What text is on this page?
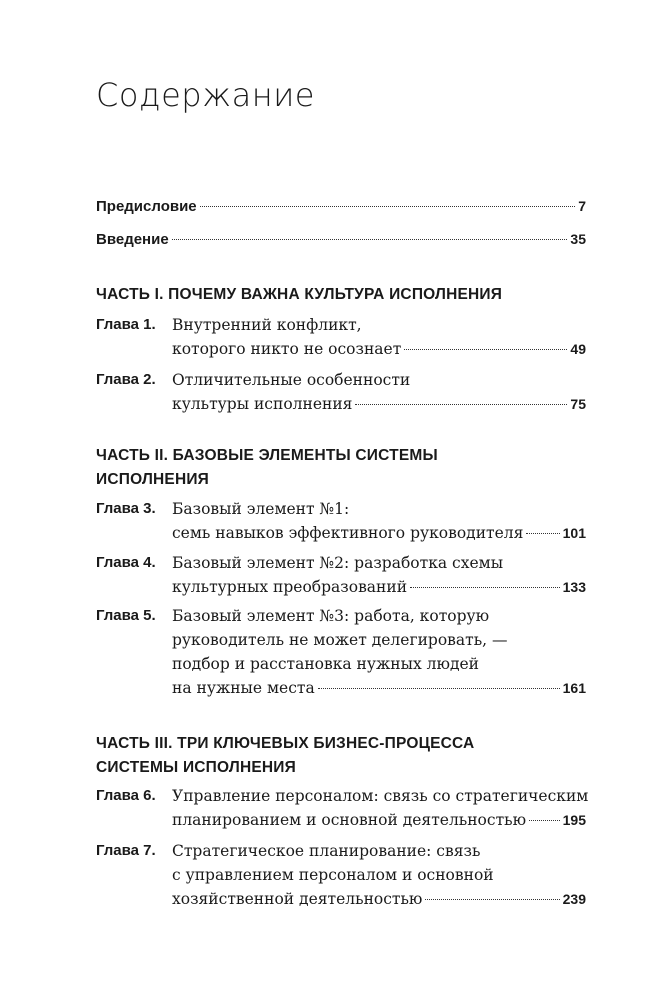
Содержание
Предисловие	7
Введение	35
ЧАСТЬ I. ПОЧЕМУ ВАЖНА КУЛЬТУРА ИСПОЛНЕНИЯ
Глава 1. Внутренний конфликт,
которого никто не осознает	49
Глава 2. Отличительные особенности
культуры исполнения	75
ЧАСТЬ II. БАЗОВЫЕ ЭЛЕМЕНТЫ СИСТЕМЫ
ИСПОЛНЕНИЯ
Глава 3. Базовый элемент №1:
семь навыков эффективного руководителя	101
Глава 4. Базовый элемент №2: разработка схемы
культурных преобразований	133
Глава 5. Базовый элемент №3: работа, которую
руководитель не может делегировать, —
подбор и расстановка нужных людей
на нужные места	161
ЧАСТЬ III. ТРИ КЛЮЧЕВЫХ БИЗНЕС-ПРОЦЕССА
СИСТЕМЫ ИСПОЛНЕНИЯ
Глава 6. Управление персоналом: связь со стратегическим
планированием и основной деятельностью	195
Глава 7. Стратегическое планирование: связь
с управлением персоналом и основной
хозяйственной деятельностью	239
